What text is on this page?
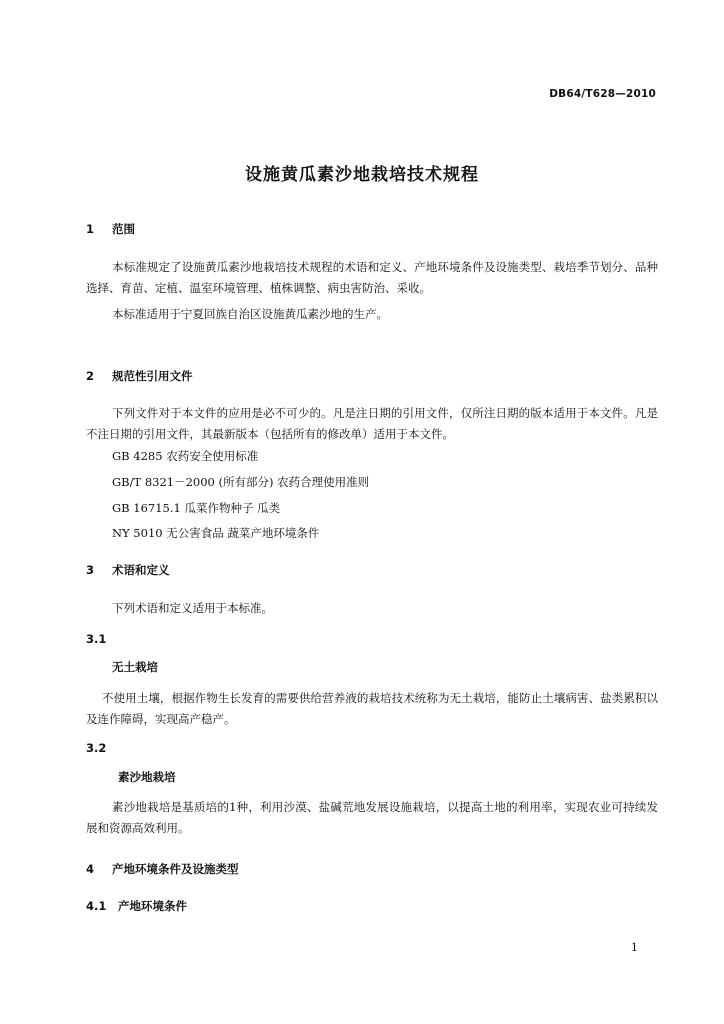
DB64/T628—2010
设施黄瓜素沙地栽培技术规程
1 范围
本标准规定了设施黄瓜素沙地栽培技术规程的术语和定义、产地环境条件及设施类型、栽培季节划分、品种选择、育苗、定植、温室环境管理、植株调整、病虫害防治、采收。
本标准适用于宁夏回族自治区设施黄瓜素沙地的生产。
2 规范性引用文件
下列文件对于本文件的应用是必不可少的。凡是注日期的引用文件，仅所注日期的版本适用于本文件。凡是不注日期的引用文件，其最新版本（包括所有的修改单）适用于本文件。
GB 4285 农药安全使用标准
GB/T 8321－2000 (所有部分) 农药合理使用准则
GB 16715.1 瓜菜作物种子 瓜类
NY 5010 无公害食品 蔬菜产地环境条件
3 术语和定义
下列术语和定义适用于本标准。
3.1
无土栽培
不使用土壤，根据作物生长发育的需要供给营养液的栽培技术统称为无土栽培，能防止土壤病害、盐类累积以及连作障碍，实现高产稳产。
3.2
素沙地栽培
素沙地栽培是基质培的1种，利用沙漠、盐碱荒地发展设施栽培，以提高土地的利用率，实现农业可持续发展和资源高效利用。
4 产地环境条件及设施类型
4.1 产地环境条件
1
